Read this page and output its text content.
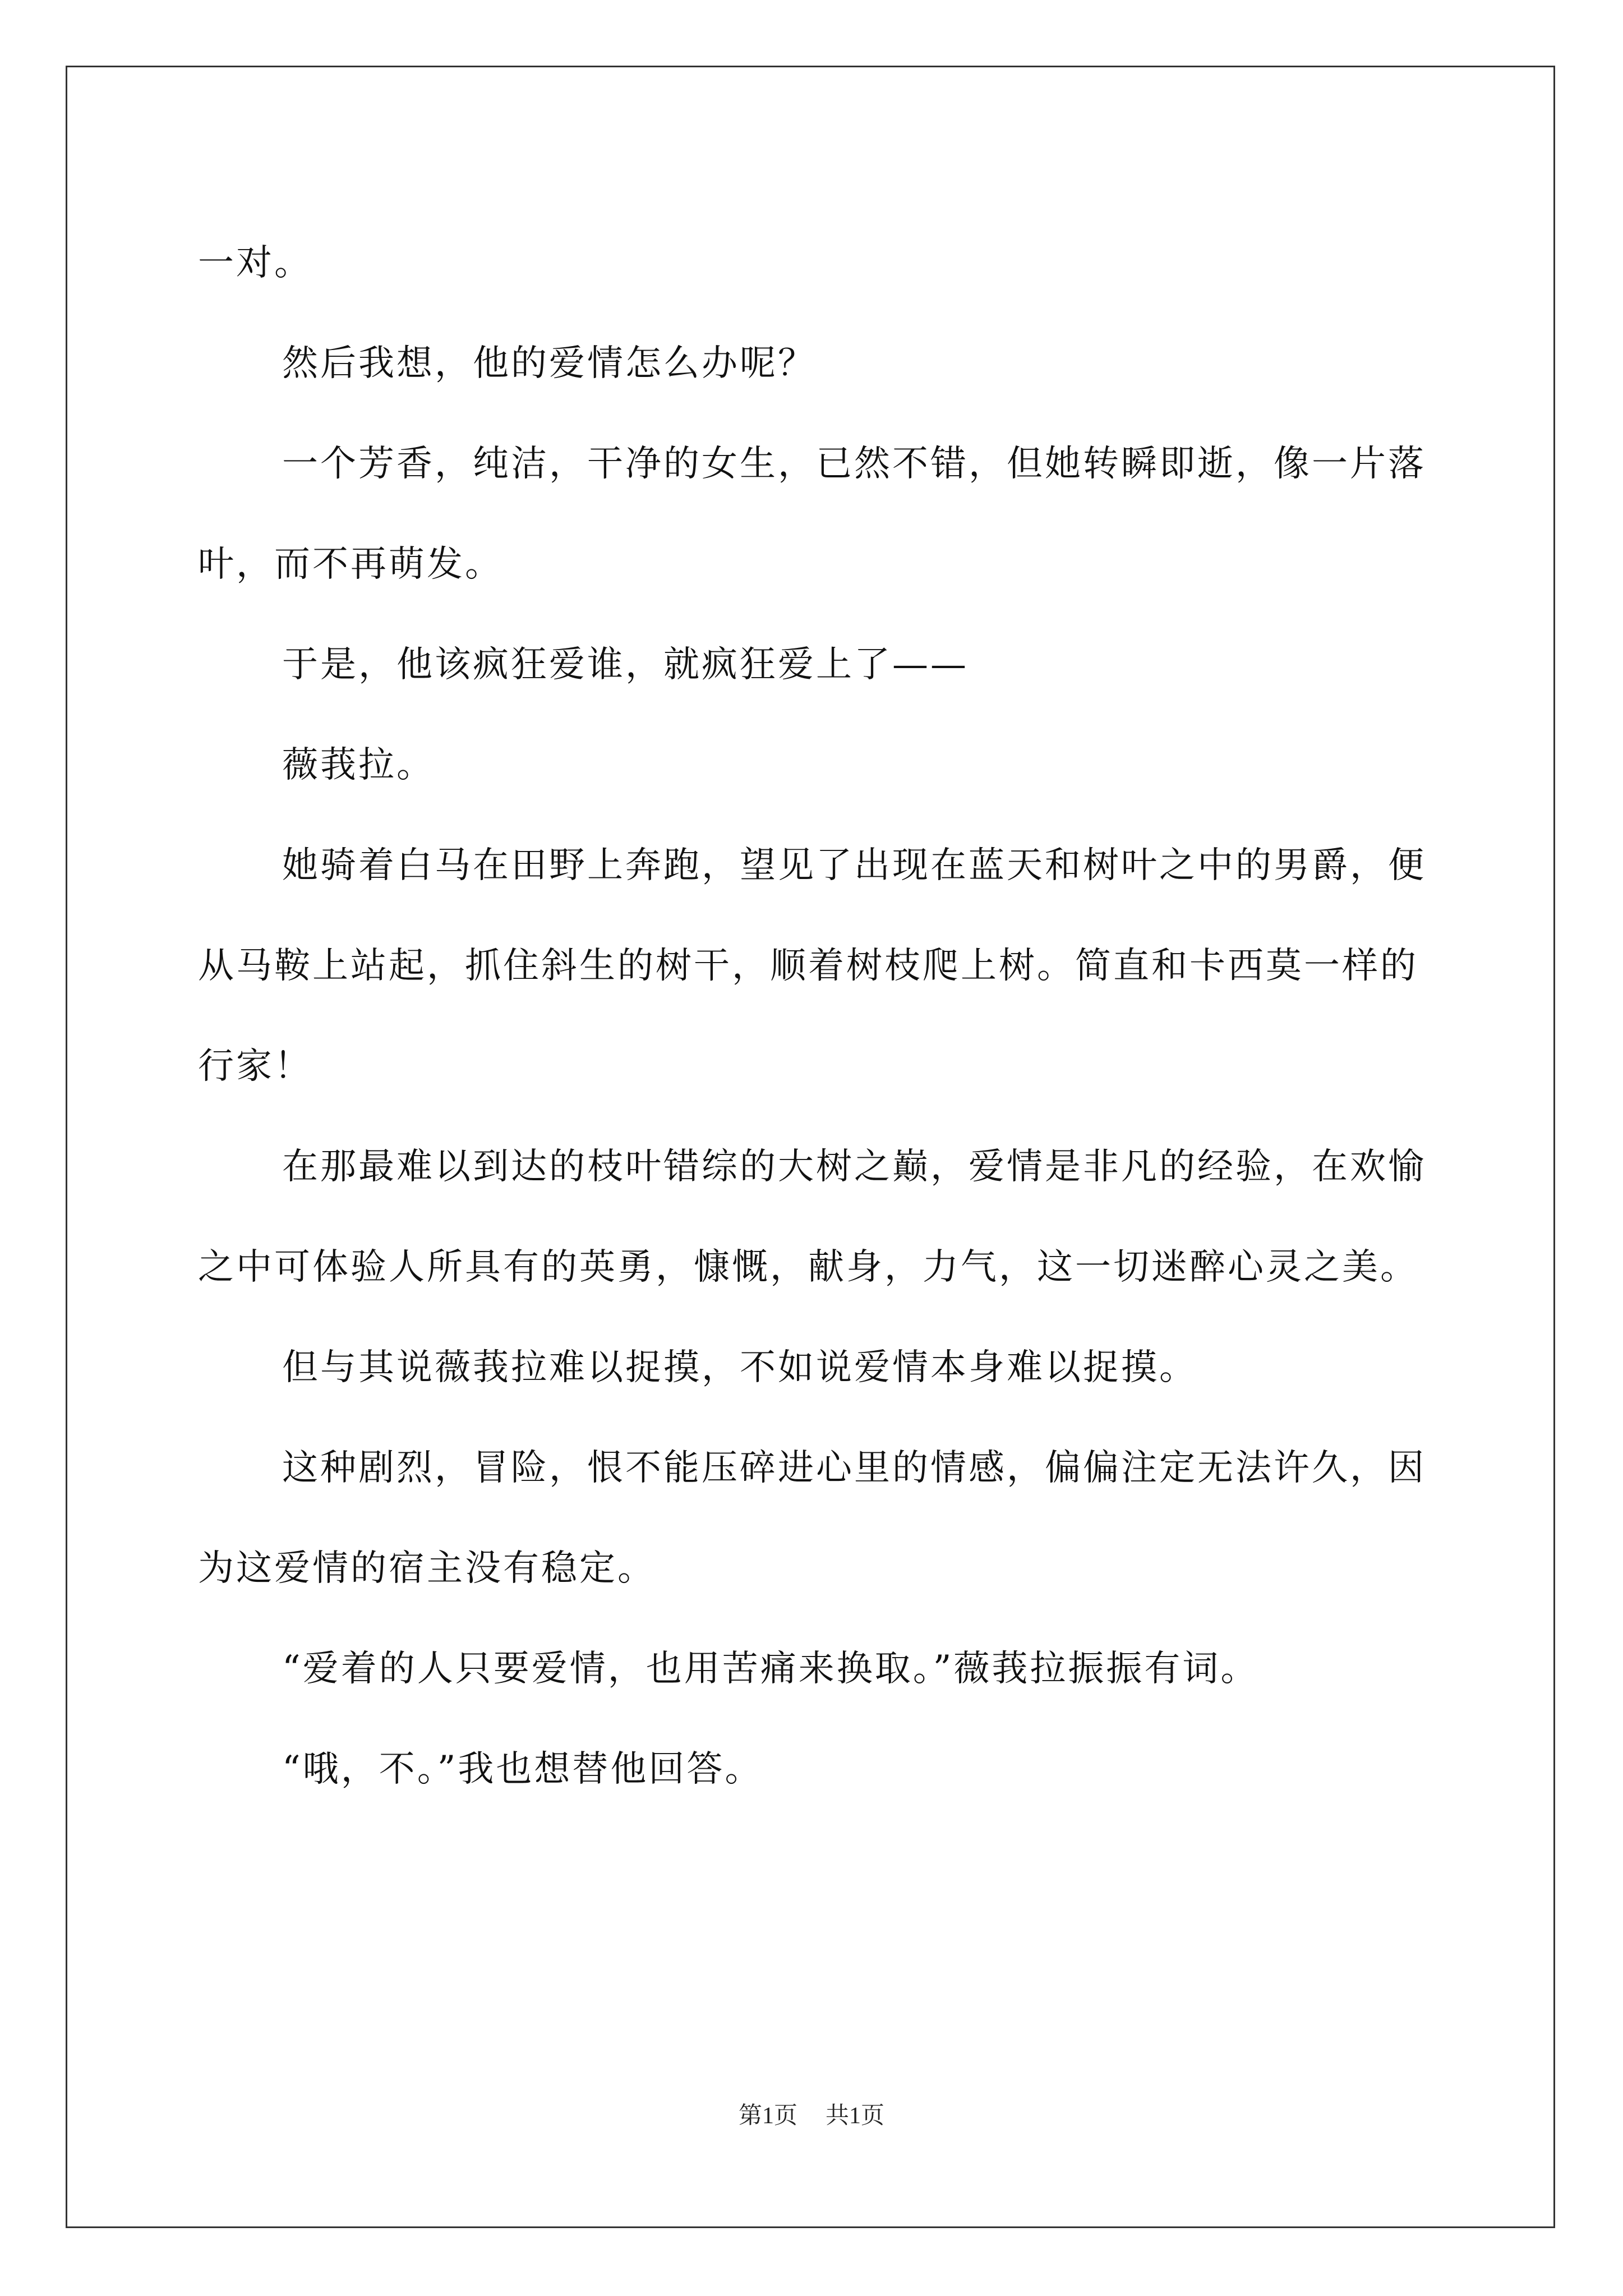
一对。

然后我想，他的爱情怎么办呢？

一个芳香，纯洁，干净的女生，已然不错，但她转瞬即逝，像一片落叶，而不再萌发。

于是，他该疯狂爱谁，就疯狂爱上了——

薇莪拉。

她骑着白马在田野上奔跑，望见了出现在蓝天和树叶之中的男爵，便从马鞍上站起，抓住斜生的树干，顺着树枝爬上树。简直和卡西莫一样的行家！

在那最难以到达的枝叶错综的大树之巅，爱情是非凡的经验，在欢愉之中可体验人所具有的英勇，慷慨，献身，力气，这一切迷醉心灵之美。

但与其说薇莪拉难以捉摸，不如说爱情本身难以捉摸。

这种剧烈，冒险，恨不能压碎进心里的情感，偏偏注定无法许久，因为这爱情的宿主没有稳定。

“爱着的人只要爱情，也用苦痛来换取。”薇莪拉振振有词。

“哦，不。”我也想替他回答。

第1页 共1页
